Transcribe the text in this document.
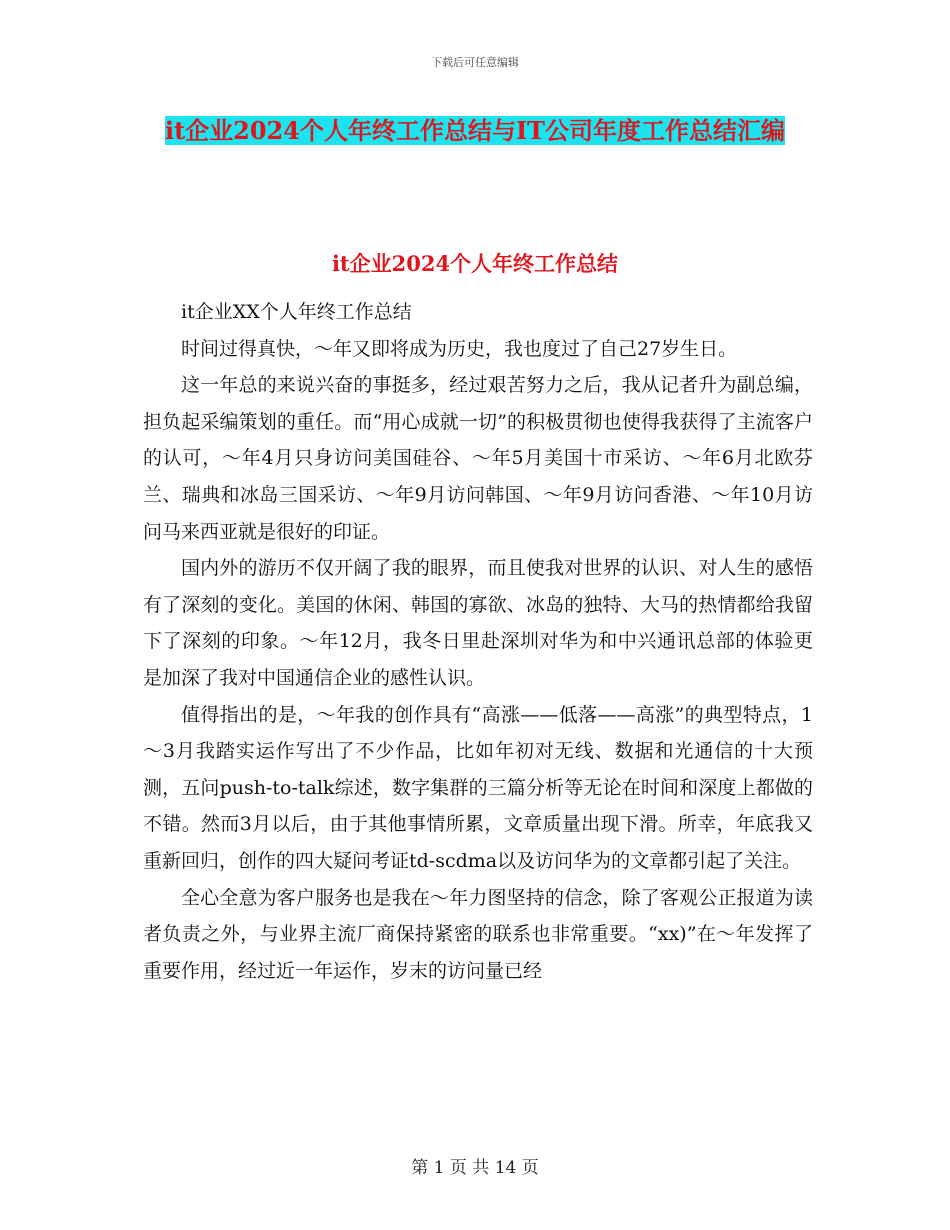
下载后可任意编辑
it企业2024个人年终工作总结与IT公司年度工作总结汇编
it企业2024个人年终工作总结

it企业XX个人年终工作总结

时间过得真快，～年又即将成为历史，我也度过了自己27岁生日。

这一年总的来说兴奋的事挺多，经过艰苦努力之后，我从记者升为副总编，担负起采编策划的重任。而“用心成就一切”的积极贯彻也使得我获得了主流客户的认可，～年4月只身访问美国硅谷、～年5月美国十市采访、～年6月北欧芬兰、瑞典和冰岛三国采访、～年9月访问韩国、～年9月访问香港、～年10月访问马来西亚就是很好的印证。

国内外的游历不仅开阔了我的眼界，而且使我对世界的认识、对人生的感悟有了深刻的变化。美国的休闲、韩国的寡欲、冰岛的独特、大马的热情都给我留下了深刻的印象。～年12月，我冬日里赴深圳对华为和中兴通讯总部的体验更是加深了我对中国通信企业的感性认识。

值得指出的是，～年我的创作具有“高涨——低落——高涨”的典型特点，1～3月我踏实运作写出了不少作品，比如年初对无线、数据和光通信的十大预测，五问push-to-talk综述，数字集群的三篇分析等无论在时间和深度上都做的不错。然而3月以后，由于其他事情所累，文章质量出现下滑。所幸，年底我又重新回归，创作的四大疑问考证td-scdma以及访问华为的文章都引起了关注。

全心全意为客户服务也是我在～年力图坚持的信念，除了客观公正报道为读者负责之外，与业界主流厂商保持紧密的联系也非常重要。“xx)”在～年发挥了重要作用，经过近一年运作，岁末的访问量已经

第 1 页 共 14 页
